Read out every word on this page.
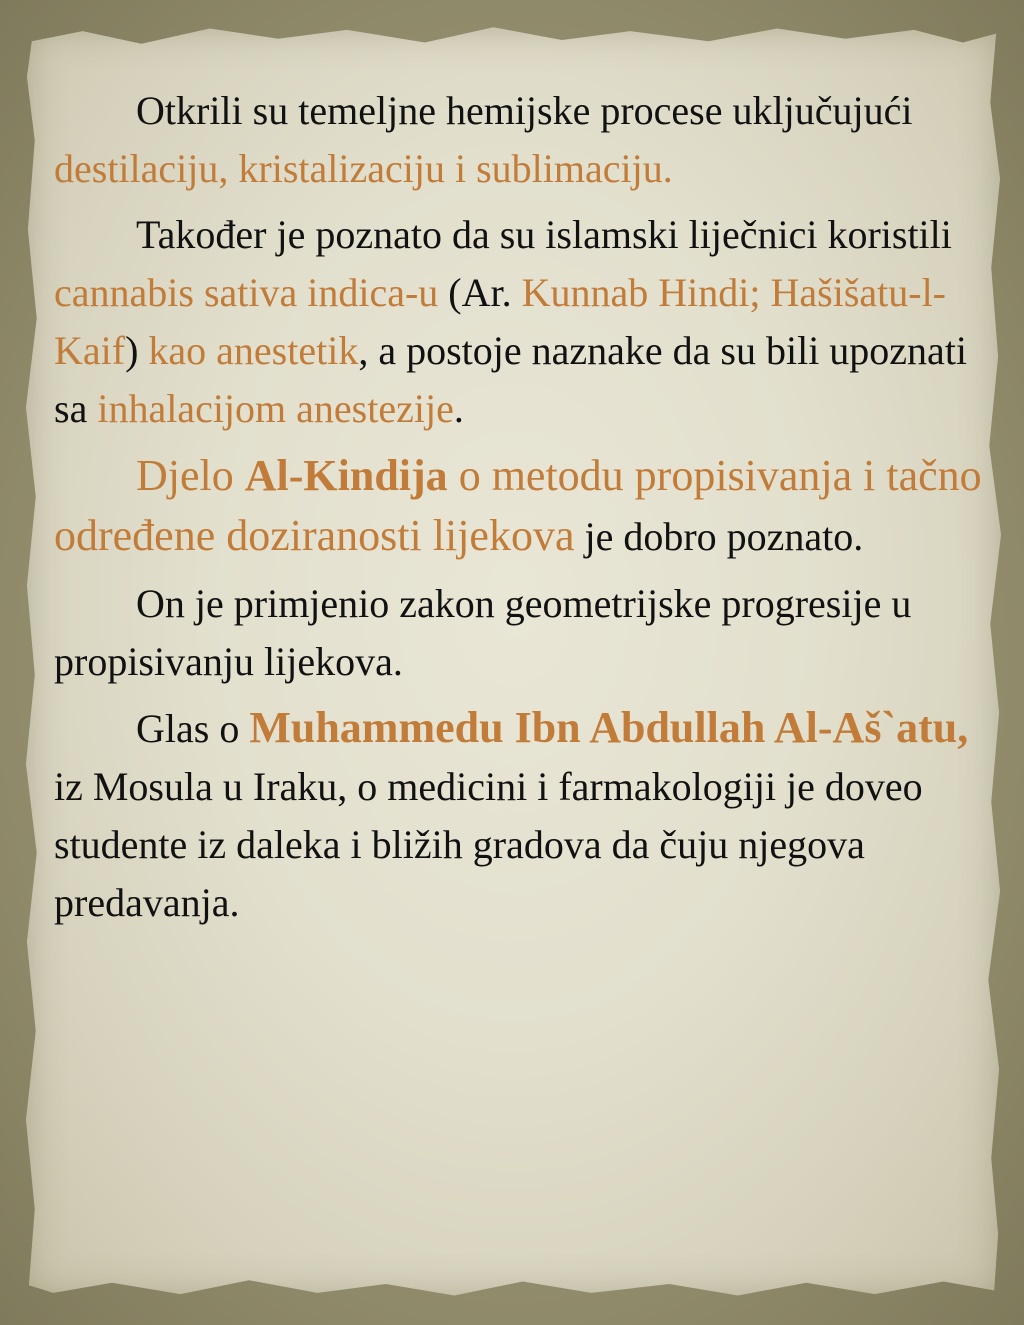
Otkrili su temeljne hemijske procese uključujući destilaciju, kristalizaciju i sublimaciju.

Također je poznato da su islamski liječnici koristili cannabis sativa indica-u (Ar. Kunnab Hindi; Hašišatu-l-Kaif) kao anestetik, a postoje naznake da su bili upoznati sa inhalacijom anestezije.

Djelo Al-Kindija o metodu propisivanja i tačno određene doziranosti lijekova je dobro poznato.

On je primjenio zakon geometrijske progresije u propisivanju lijekova.

Glas o Muhammedu Ibn Abdullah Al-Aš`atu, iz Mosula u Iraku, o medicini i farmakologiji je doveo studente iz daleka i bližih gradova da čuju njegova predavanja.
